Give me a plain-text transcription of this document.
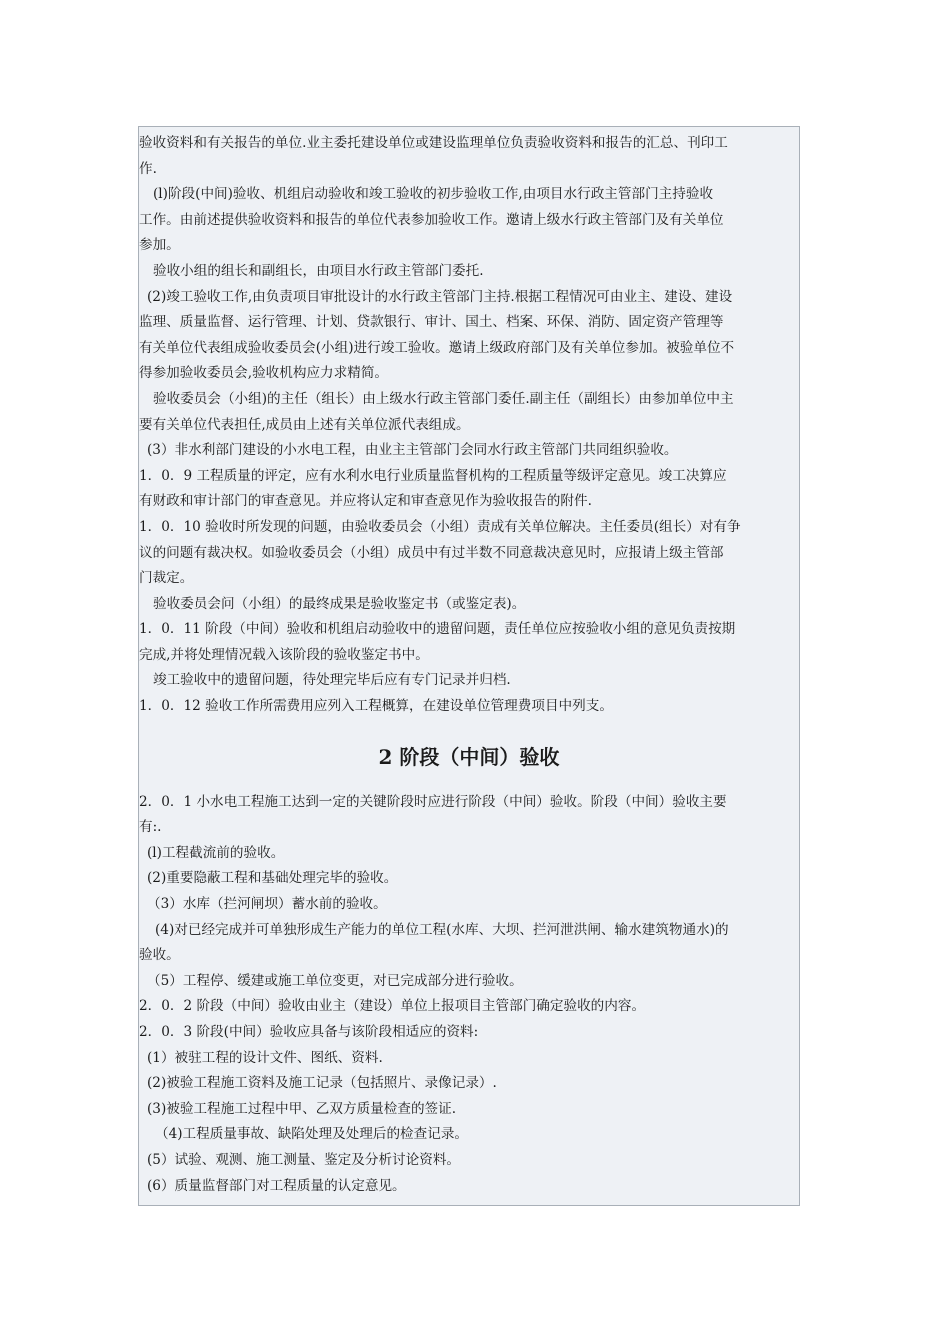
验收资料和有关报告的单位.业主委托建设单位或建设监理单位负责验收资料和报告的汇总、刊印工
作.
(l)阶段(中间)验收、机组启动验收和竣工验收的初步验收工作,由项目水行政主管部门主持验收
工作。由前述提供验收资料和报告的单位代表参加验收工作。邀请上级水行政主管部门及有关单位
参加。
验收小组的组长和副组长，由项目水行政主管部门委托.
(2)竣工验收工作,由负责项目审批设计的水行政主管部门主持.根据工程情况可由业主、建设、建设
监理、质量监督、运行管理、计划、贷款银行、审计、国土、档案、环保、消防、固定资产管理等
有关单位代表组成验收委员会(小组)进行竣工验收。邀请上级政府部门及有关单位参加。被验单位不
得参加验收委员会,验收机构应力求精简。
验收委员会（小组)的主任（组长）由上级水行政主管部门委任.副主任（副组长）由参加单位中主
要有关单位代表担任,成员由上述有关单位派代表组成。
(3）非水利部门建设的小水电工程，由业主主管部门会同水行政主管部门共同组织验收。
1．0．9 工程质量的评定，应有水利水电行业质量监督机构的工程质量等级评定意见。竣工决算应
有财政和审计部门的审查意见。并应将认定和审查意见作为验收报告的附件.
1．0．10 验收时所发现的问题，由验收委员会（小组）责成有关单位解决。主任委员(组长）对有争
议的问题有裁决权。如验收委员会（小组）成员中有过半数不同意裁决意见时，应报请上级主管部
门裁定。
验收委员会问（小组）的最终成果是验收鉴定书（或鉴定表)。
1．0．11 阶段（中间）验收和机组启动验收中的遗留问题，责任单位应按验收小组的意见负责按期
完成,并将处理情况载入该阶段的验收鉴定书中。
竣工验收中的遗留问题，待处理完毕后应有专门记录并归档.
1．0．12 验收工作所需费用应列入工程概算，在建设单位管理费项目中列支。
2 阶段（中间）验收
2．0．1 小水电工程施工达到一定的关键阶段时应进行阶段（中间）验收。阶段（中间）验收主要
有:.
(l)工程截流前的验收。
(2)重要隐蔽工程和基础处理完毕的验收。
（3）水库（拦河闸坝）蓄水前的验收。
(4)对已经完成并可单独形成生产能力的单位工程(水库、大坝、拦河泄洪闸、输水建筑物通水)的
验收。
（5）工程停、缓建或施工单位变更，对已完成部分进行验收。
2．0．2 阶段（中间）验收由业主（建设）单位上报项目主管部门确定验收的内容。
2．0．3 阶段(中间）验收应具备与该阶段相适应的资料:
(1）被驻工程的设计文件、图纸、资料.
(2)被验工程施工资料及施工记录（包括照片、录像记录）.
(3)被验工程施工过程中甲、乙双方质量检查的签证.
（4)工程质量事故、缺陷处理及处理后的检查记录。
(5）试验、观测、施工测量、鉴定及分析讨论资料。
(6）质量监督部门对工程质量的认定意见。
